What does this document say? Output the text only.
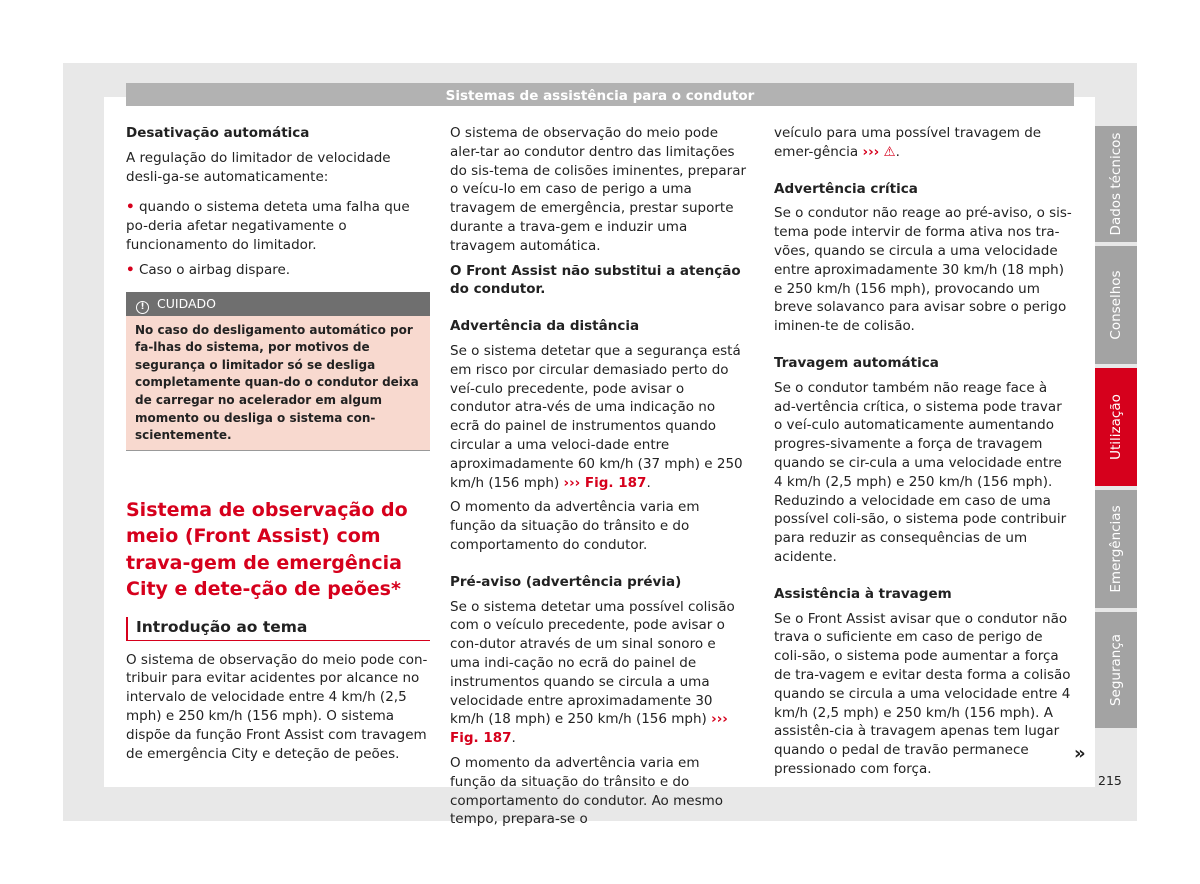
Sistemas de assistência para o condutor
Desativação automática

A regulação do limitador de velocidade desli-ga-se automaticamente:

• quando o sistema deteta uma falha que po-deria afetar negativamente o funcionamento do limitador.

• Caso o airbag dispare.

! CUIDADO
No caso do desligamento automático por fa-lhas do sistema, por motivos de segurança o limitador só se desliga completamente quan-do o condutor deixa de carregar no acelerador em algum momento ou desliga o sistema con-scientemente.
Sistema de observação do meio (Front Assist) com trava-gem de emergência City e dete-ção de peões*
Introdução ao tema

O sistema de observação do meio pode con-tribuir para evitar acidentes por alcance no intervalo de velocidade entre 4 km/h (2,5 mph) e 250 km/h (156 mph). O sistema dispõe da função Front Assist com travagem de emergência City e deteção de peões.

O sistema de observação do meio pode aler-tar ao condutor dentro das limitações do sis-tema de colisões iminentes, preparar o veícu-lo em caso de perigo a uma travagem de emergência, prestar suporte durante a trava-gem e induzir uma travagem automática.

O Front Assist não substitui a atenção do condutor.
Advertência da distância

Se o sistema detetar que a segurança está em risco por circular demasiado perto do veí-culo precedente, pode avisar o condutor atra-vés de uma indicação no ecrã do painel de instrumentos quando circular a uma veloci-dade entre aproximadamente 60 km/h (37 mph) e 250 km/h (156 mph) ››› Fig. 187.

O momento da advertência varia em função da situação do trânsito e do comportamento do condutor.

Pré-aviso (advertência prévia)

Se o sistema detetar uma possível colisão com o veículo precedente, pode avisar o con-dutor através de um sinal sonoro e uma indi-cação no ecrã do painel de instrumentos quando se circula a uma velocidade entre aproximadamente 30 km/h (18 mph) e 250 km/h (156 mph) ››› Fig. 187.

O momento da advertência varia em função da situação do trânsito e do comportamento do condutor. Ao mesmo tempo, prepara-se o

veículo para uma possível travagem de emer-gência ››› ⚠.

Advertência crítica

Se o condutor não reage ao pré-aviso, o sis-tema pode intervir de forma ativa nos tra-vões, quando se circula a uma velocidade entre aproximadamente 30 km/h (18 mph) e 250 km/h (156 mph), provocando um breve solavanco para avisar sobre o perigo iminen-te de colisão.

Travagem automática

Se o condutor também não reage face à ad-vertência crítica, o sistema pode travar o veí-culo automaticamente aumentando progres-sivamente a força de travagem quando se cir-cula a uma velocidade entre 4 km/h (2,5 mph) e 250 km/h (156 mph). Reduzindo a velocidade em caso de uma possível coli-são, o sistema pode contribuir para reduzir as consequências de um acidente.

Assistência à travagem

Se o Front Assist avisar que o condutor não trava o suficiente em caso de perigo de coli-são, o sistema pode aumentar a força de tra-vagem e evitar desta forma a colisão quando se circula a uma velocidade entre 4 km/h (2,5 mph) e 250 km/h (156 mph). A assistên-cia à travagem apenas tem lugar quando o pedal de travão permanece pressionado com força.

Dados técnicos
Conselhos
Utilização
Emergências
Segurança
»
215
